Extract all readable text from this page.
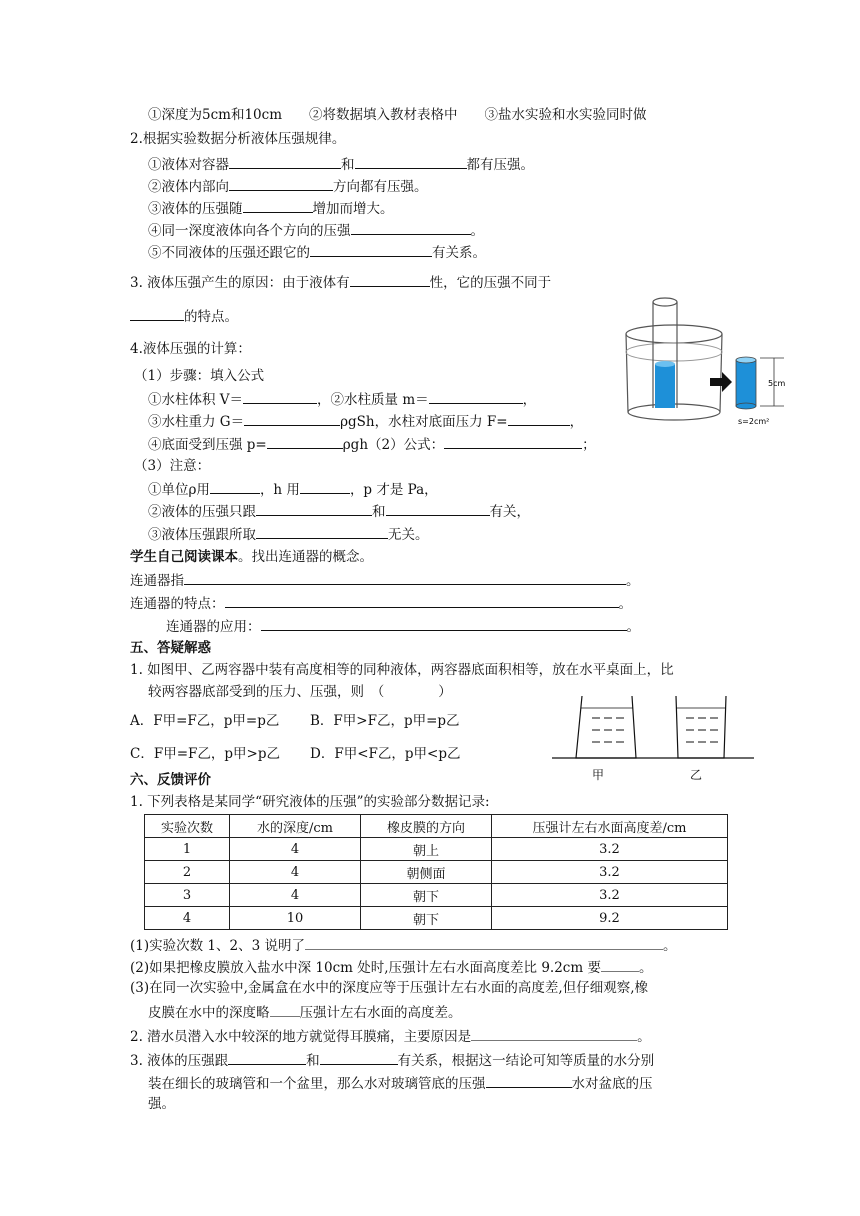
①深度为5cm和10cm　　②将数据填入教材表格中　　③盐水实验和水实验同时做
2.根据实验数据分析液体压强规律。
①液体对容器	和	都有压强。
②液体内部向	方向都有压强。
③液体的压强随	增加而增大。
④同一深度液体向各个方向的压强	。
⑤不同液体的压强还跟它的	有关系。
3. 液体压强产生的原因：由于液体有	性，它的压强不同于
的特点。
4.液体压强的计算：
（1）步骤：填入公式
①水柱体积 V＝	，②水柱质量 m＝	，
③水柱重力 G＝	ρgSh，水柱对底面压力 F=	，
④底面受到压强 p=	ρgh（2）公式：	；
（3）注意：
①单位ρ用	，h 用	，p 才是 Pa，
②液体的压强只跟	和	有关，
③液体压强跟所取	无关。
5cm
s=2cm²
学生自己阅读课本。找出连通器的概念。
连通器指	。
连通器的特点：	。
连通器的应用：	。
五、答疑解惑
1. 如图甲、乙两容器中装有高度相等的同种液体，两容器底面积相等，放在水平桌面上，比
较两容器底部受到的压力、压强，则　（　　　　）
A．F甲=F乙，p甲=p乙 B．F甲>F乙，p甲=p乙
C．F甲=F乙，p甲>p乙 D．F甲<F乙，p甲<p乙
甲	乙
六、反馈评价
1. 下列表格是某同学“研究液体的压强”的实验部分数据记录:
实验次数	水的深度/cm	橡皮膜的方向	压强计左右水面高度差/cm
1	4	朝上	3.2
2	4	朝侧面	3.2
3	4	朝下	3.2
4	10	朝下	9.2
(1)实验次数 1、2、3 说明了	。
(2)如果把橡皮膜放入盐水中深 10cm 处时,压强计左右水面高度差比 9.2cm 要	。
(3)在同一次实验中,金属盒在水中的深度应等于压强计左右水面的高度差,但仔细观察,橡
皮膜在水中的深度略 压强计左右水面的高度差。
2. 潜水员潜入水中较深的地方就觉得耳膜痛，主要原因是	。
3. 液体的压强跟	和	有关系，根据这一结论可知等质量的水分别
装在细长的玻璃管和一个盆里，那么水对玻璃管底的压强	水对盆底的压
强。
